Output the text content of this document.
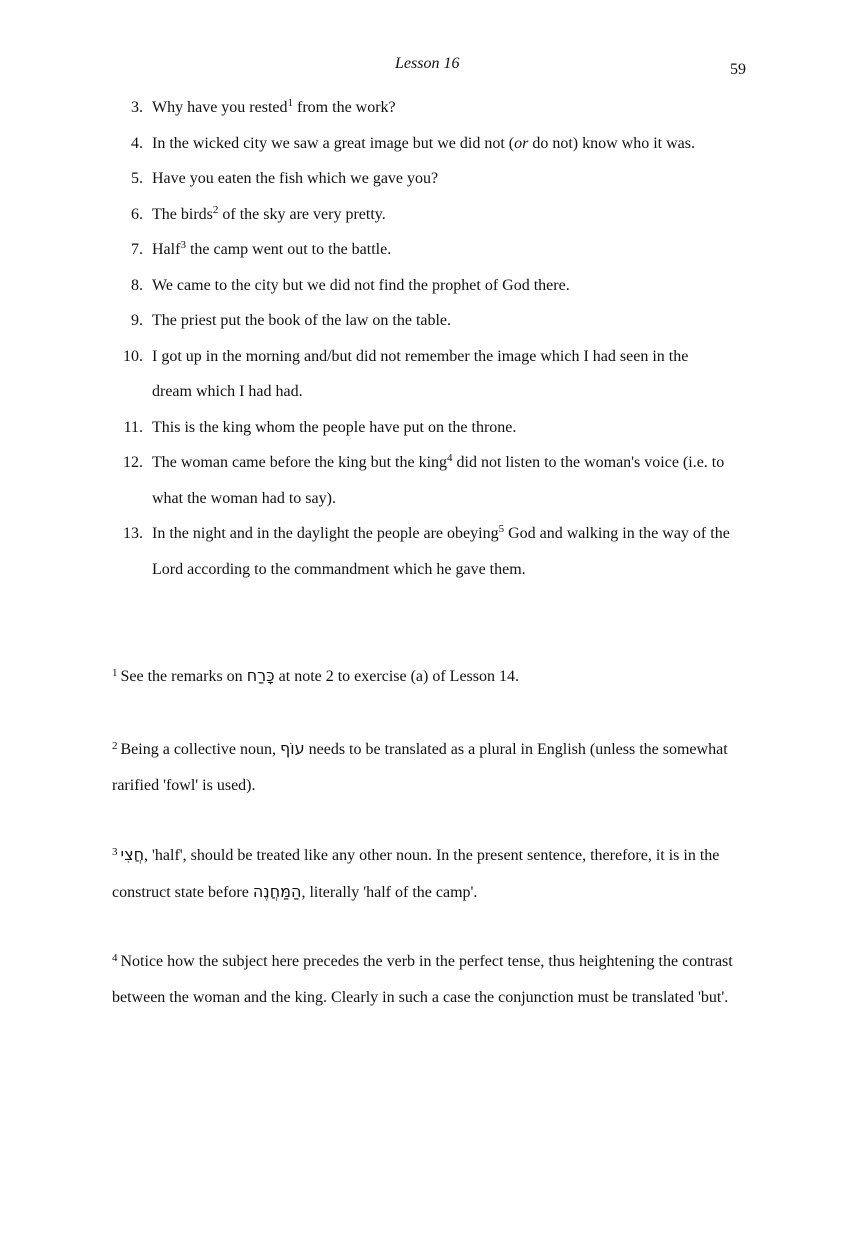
Lesson 16	59
3. Why have you rested$^1$ from the work?
4. In the wicked city we saw a great image but we did not (or do not) know who it was.
5. Have you eaten the fish which we gave you?
6. The birds$^2$ of the sky are very pretty.
7. Half$^3$ the camp went out to the battle.
8. We came to the city but we did not find the prophet of God there.
9. The priest put the book of the law on the table.
10. I got up in the morning and/but did not remember the image which I had seen in the dream which I had had.
11. This is the king whom the people have put on the throne.
12. The woman came before the king but the king$^4$ did not listen to the woman's voice (i.e. to what the woman had to say).
13. In the night and in the daylight the people are obeying$^5$ God and walking in the way of the Lord according to the commandment which he gave them.

$^1$ See the remarks on כָּרַח at note 2 to exercise (a) of Lesson 14.

$^2$ Being a collective noun, עוֹף needs to be translated as a plural in English (unless the somewhat rarified 'fowl' is used).

$^3$ חֲצִי, 'half', should be treated like any other noun. In the present sentence, therefore, it is in the construct state before הַמַּחֲנֶה, literally 'half of the camp'.

$^4$ Notice how the subject here precedes the verb in the perfect tense, thus heightening the contrast between the woman and the king. Clearly in such a case the conjunction must be translated 'but'.
